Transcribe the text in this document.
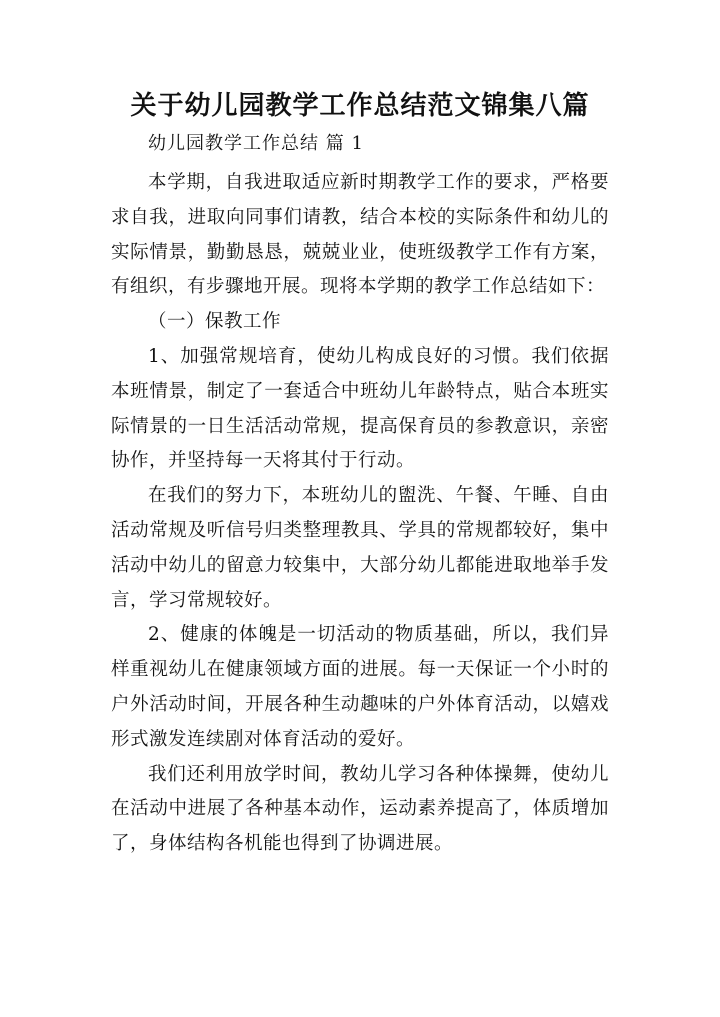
关于幼儿园教学工作总结范文锦集八篇
幼儿园教学工作总结 篇 1

本学期，自我进取适应新时期教学工作的要求，严格要求自我，进取向同事们请教，结合本校的实际条件和幼儿的实际情景，勤勤恳恳，兢兢业业，使班级教学工作有方案，有组织，有步骤地开展。现将本学期的教学工作总结如下：

（一）保教工作

1、加强常规培育，使幼儿构成良好的习惯。我们依据本班情景，制定了一套适合中班幼儿年龄特点，贴合本班实际情景的一日生活活动常规，提高保育员的参教意识，亲密协作，并坚持每一天将其付于行动。

在我们的努力下，本班幼儿的盥洗、午餐、午睡、自由活动常规及听信号归类整理教具、学具的常规都较好，集中活动中幼儿的留意力较集中，大部分幼儿都能进取地举手发言，学习常规较好。

2、健康的体魄是一切活动的物质基础，所以，我们异样重视幼儿在健康领域方面的进展。每一天保证一个小时的户外活动时间，开展各种生动趣味的户外体育活动，以嬉戏形式激发连续剧对体育活动的爱好。

我们还利用放学时间，教幼儿学习各种体操舞，使幼儿在活动中进展了各种基本动作，运动素养提高了，体质增加了，身体结构各机能也得到了协调进展。
